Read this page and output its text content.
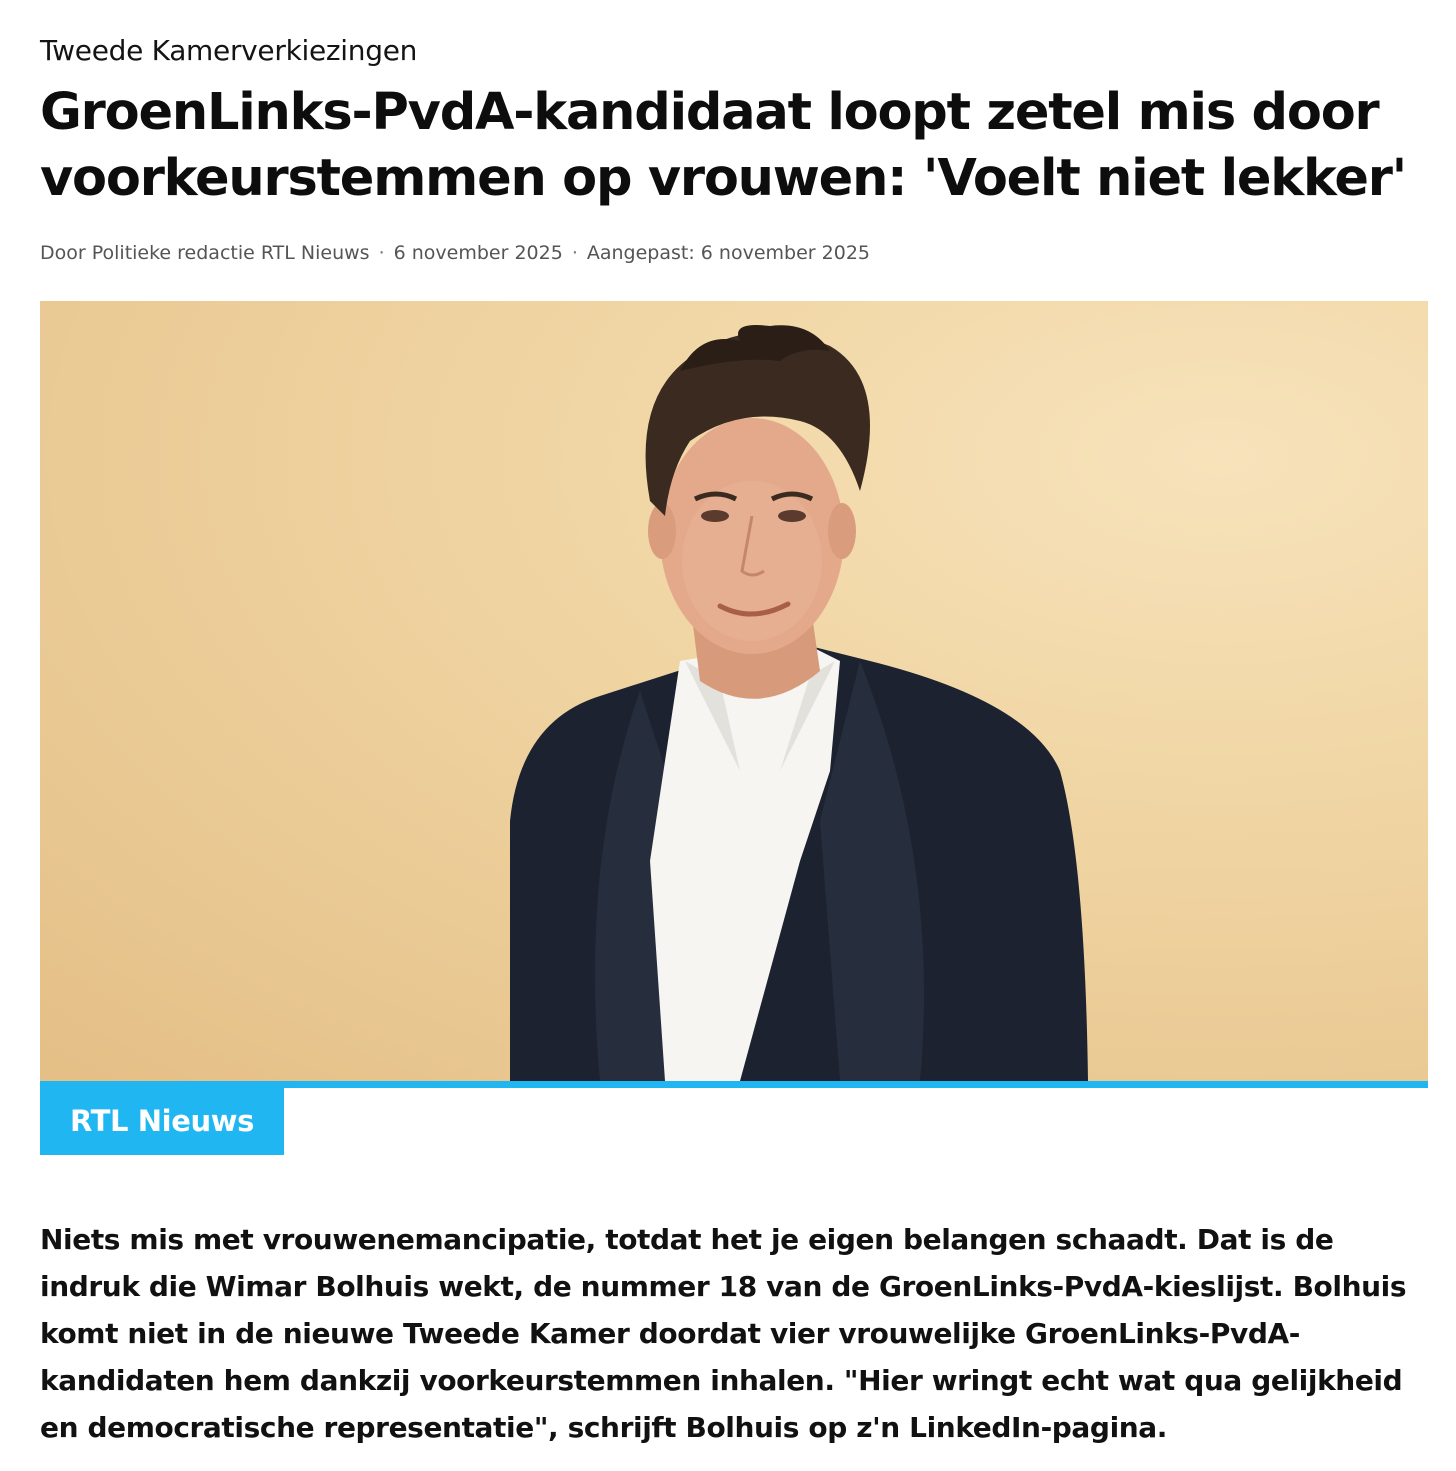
Tweede Kamerverkiezingen
GroenLinks-PvdA-kandidaat loopt zetel mis door voorkeurstemmen op vrouwen: 'Voelt niet lekker'
Door Politieke redactie RTL Nieuws · 6 november 2025 · Aangepast: 6 november 2025
RTL Nieuws

Niets mis met vrouwenemancipatie, totdat het je eigen belangen schaadt. Dat is de indruk die Wimar Bolhuis wekt, de nummer 18 van de GroenLinks-PvdA-kieslijst. Bolhuis komt niet in de nieuwe Tweede Kamer doordat vier vrouwelijke GroenLinks-PvdA-kandidaten hem dankzij voorkeurstemmen inhalen. "Hier wringt echt wat qua gelijkheid en democratische representatie", schrijft Bolhuis op z'n LinkedIn-pagina.
